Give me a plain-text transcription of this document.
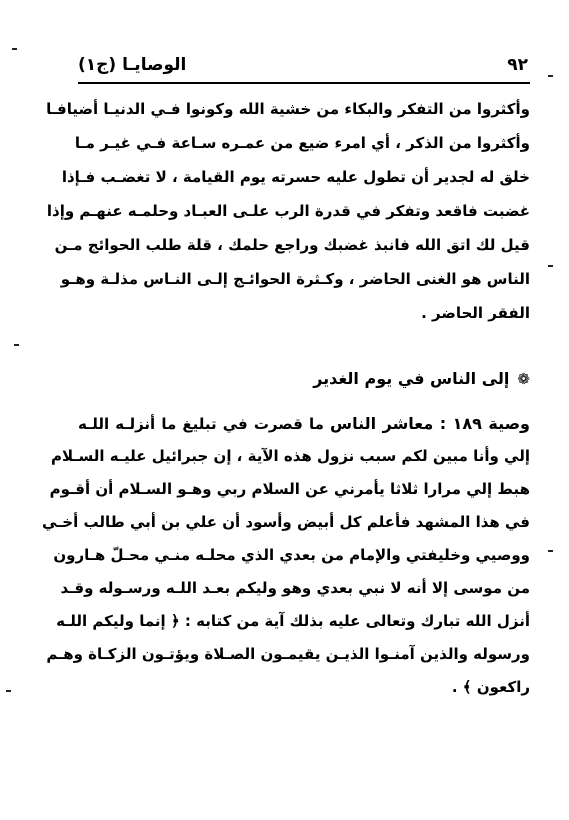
٩٢
الوصايـا (ج١)
وأكثروا من التفكر والبكاء من خشية الله وكونوا فـي الدنيـا أضيافـا
وأكثروا من الذكر ، أي امرء ضيع من عمـره سـاعة فـي غيـر مـا
خلق له لجدير أن تطول عليه حسرته يوم القيامة ، لا تغضـب فـإذا
غضبت فاقعد وتفكر في قدرة الرب علـى العبـاد وحلمـه عنهـم وإذا
قيل لك اتق الله فانبذ غضبك وراجع حلمك ، قلة طلب الحوائج مـن
الناس هو الغنى الحاضر ، وكـثرة الحوائـج إلـى النـاس مذلـة وهـو
الفقر الحاضر .
❁إلى الناس في يوم الغدير
وصية ١٨٩ : معاشر الناس ما قصرت في تبليغ ما أنزلـه اللـه
إلي وأنا مبين لكم سبب نزول هذه الآية ، إن جبرائيل عليـه السـلام
هبط إلي مرارا ثلاثا يأمرني عن السلام ربي وهـو السـلام أن أقـوم
في هذا المشهد فأعلم كل أبيض وأسود أن علي بن أبي طالب أخـي
ووصيي وخليفتي والإمام من بعدي الذي محلـه منـي محـلّ هـارون
من موسى إلا أنه لا نبي بعدي وهو وليكم بعـد اللـه ورسـوله وقـد
أنزل الله تبارك وتعالى عليه بذلك آية من كتابه : ﴿ إنما وليكم اللـه
ورسوله والذين آمنـوا الذيـن يقيمـون الصـلاة ويؤتـون الزكـاة وهـم
راكعون ﴾ .
